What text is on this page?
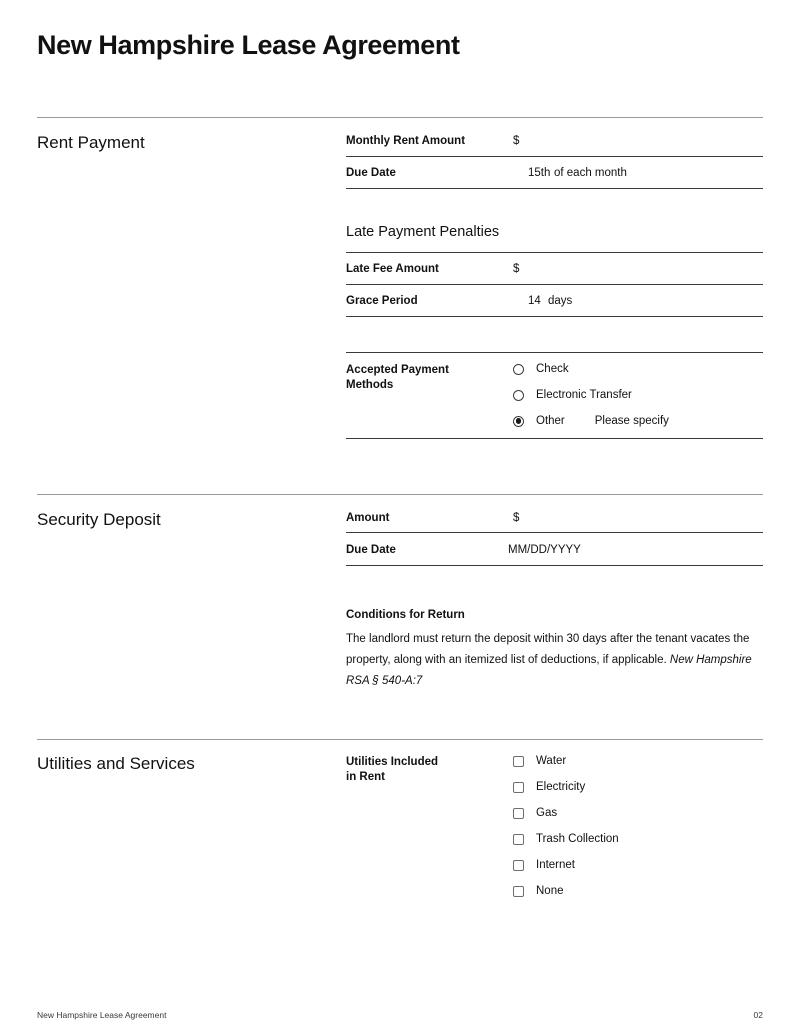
New Hampshire Lease Agreement
Rent Payment	Monthly Rent Amount	$
Due Date	15th of each month
Late Payment Penalties
Late Fee Amount	$
Grace Period	14 days
Accepted Payment
Methods
Check
Electronic Transfer
Other	Please specify
Security Deposit	Amount	$
Due Date	MM/DD/YYYY
Conditions for Return
The landlord must return the deposit within 30 days after the tenant vacates the property, along with an itemized list of deductions, if applicable. New Hampshire RSA § 540-A:7
Utilities and Services	Utilities Included
in Rent
Water
Electricity
Gas
Trash Collection
Internet
None
New Hampshire Lease Agreement	02
